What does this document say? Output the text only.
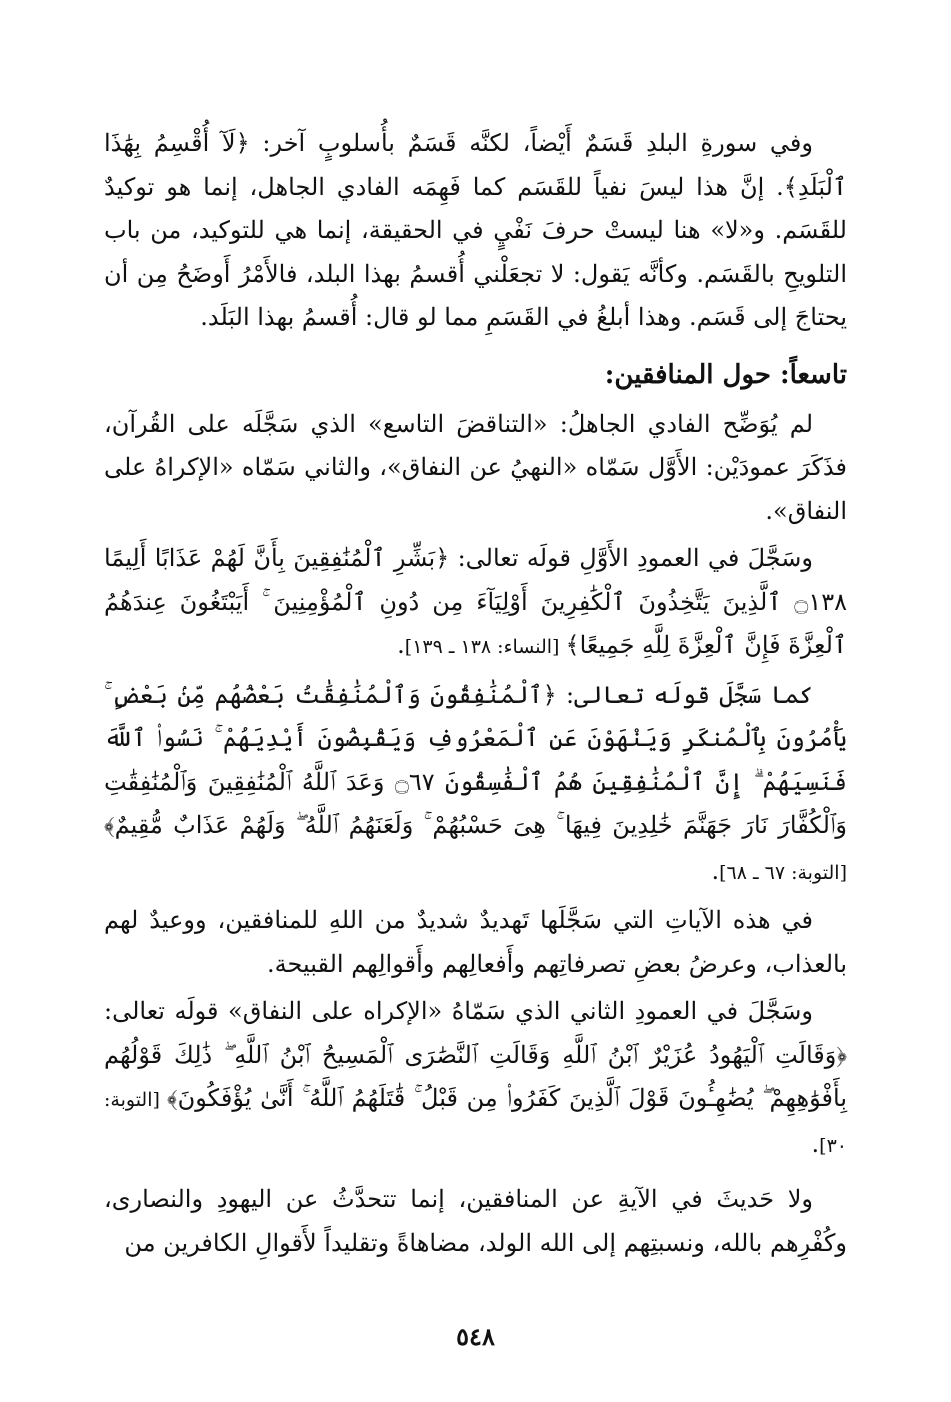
وفي سورةِ البلدِ قَسَمٌ أَيْضاً، لكنَّه قَسَمٌ بأُسلوبٍ آخر: ﴿لَآ أُقْسِمُ بِهَٰذَا ٱلْبَلَدِ﴾. إنَّ هذا ليسَ نفياً للقَسَم كما فَهِمَه الفادي الجاهل، إنما هو توكيدٌ للقَسَم. و«لا» هنا ليستْ حرفَ نَفْيٍ في الحقيقة، إنما هي للتوكيد، من باب التلويحِ بالقَسَم. وكأنَّه يَقول: لا تجعَلْني أُقسمُ بهذا البلد، فالأَمْرُ أَوضَحُ مِن أن يحتاجَ إلى قَسَم. وهذا أبلغُ في القَسَمِ مما لو قال: أُقسمُ بهذا البَلَد.

تاسعاً: حول المنافقين:

لم يُوَضِّح الفادي الجاهلُ: «التناقضَ التاسع» الذي سَجَّلَه على القُرآن، فذَكَرَ عمودَيْن: الأَوَّل سَمّاه «النهيُ عن النفاق»، والثاني سَمّاه «الإكراهُ على النفاق».

وسَجَّلَ في العمودِ الأَوَّلِ قولَه تعالى: ﴿بَشِّرِ ٱلْمُنَٰفِقِينَ بِأَنَّ لَهُمْ عَذَابًا أَلِيمًا ۝١٣٨ ٱلَّذِينَ يَتَّخِذُونَ ٱلْكَٰفِرِينَ أَوْلِيَآءَ مِن دُونِ ٱلْمُؤْمِنِينَ ۚ أَيَبْتَغُونَ عِندَهُمُ ٱلْعِزَّةَ فَإِنَّ ٱلْعِزَّةَ لِلَّهِ جَمِيعًا﴾ [النساء: ١٣٨ ـ ١٣٩].

كما سَجَّلَ قولَه تعالى: ﴿ٱلْمُنَٰفِقُونَ وَٱلْمُنَٰفِقَٰتُ بَعْضُهُم مِّنۢ بَعْضٍ ۚ يَأْمُرُونَ بِٱلْمُنكَرِ وَيَنْهَوْنَ عَنِ ٱلْمَعْرُوفِ وَيَقْبِضُونَ أَيْدِيَهُمْ ۚ نَسُوا۟ ٱللَّهَ فَنَسِيَهُمْ ۗ إِنَّ ٱلْمُنَٰفِقِينَ هُمُ ٱلْفَٰسِقُونَ ۝٦٧ وَعَدَ ٱللَّهُ ٱلْمُنَٰفِقِينَ وَٱلْمُنَٰفِقَٰتِ وَٱلْكُفَّارَ نَارَ جَهَنَّمَ خَٰلِدِينَ فِيهَا ۚ هِىَ حَسْبُهُمْ ۚ وَلَعَنَهُمُ ٱللَّهُ ۖ وَلَهُمْ عَذَابٌ مُّقِيمٌ﴾ [التوبة: ٦٧ ـ ٦٨].

في هذه الآياتِ التي سَجَّلَها تَهديدٌ شديدٌ من اللهِ للمنافقين، ووعيدٌ لهم بالعذاب، وعرضُ بعضِ تصرفاتِهم وأَفعالِهم وأَقوالِهم القبيحة.

وسَجَّلَ في العمودِ الثاني الذي سَمّاهُ «الإكراه على النفاق» قولَه تعالى: ﴿وَقَالَتِ ٱلْيَهُودُ عُزَيْرٌ ٱبْنُ ٱللَّهِ وَقَالَتِ ٱلنَّصَٰرَى ٱلْمَسِيحُ ٱبْنُ ٱللَّهِ ۖ ذَٰلِكَ قَوْلُهُم بِأَفْوَٰهِهِمْ ۖ يُضَٰهِـُٔونَ قَوْلَ ٱلَّذِينَ كَفَرُوا۟ مِن قَبْلُ ۚ قَٰتَلَهُمُ ٱللَّهُ ۚ أَنَّىٰ يُؤْفَكُونَ﴾ [التوبة: ٣٠].

ولا حَديثَ في الآيةِ عن المنافقين، إنما تتحدَّثُ عن اليهودِ والنصارى، وكُفْرِهم بالله، ونسبتِهم إلى الله الولد، مضاهاةً وتقليداً لأَقوالِ الكافرين من

٥٤٨
